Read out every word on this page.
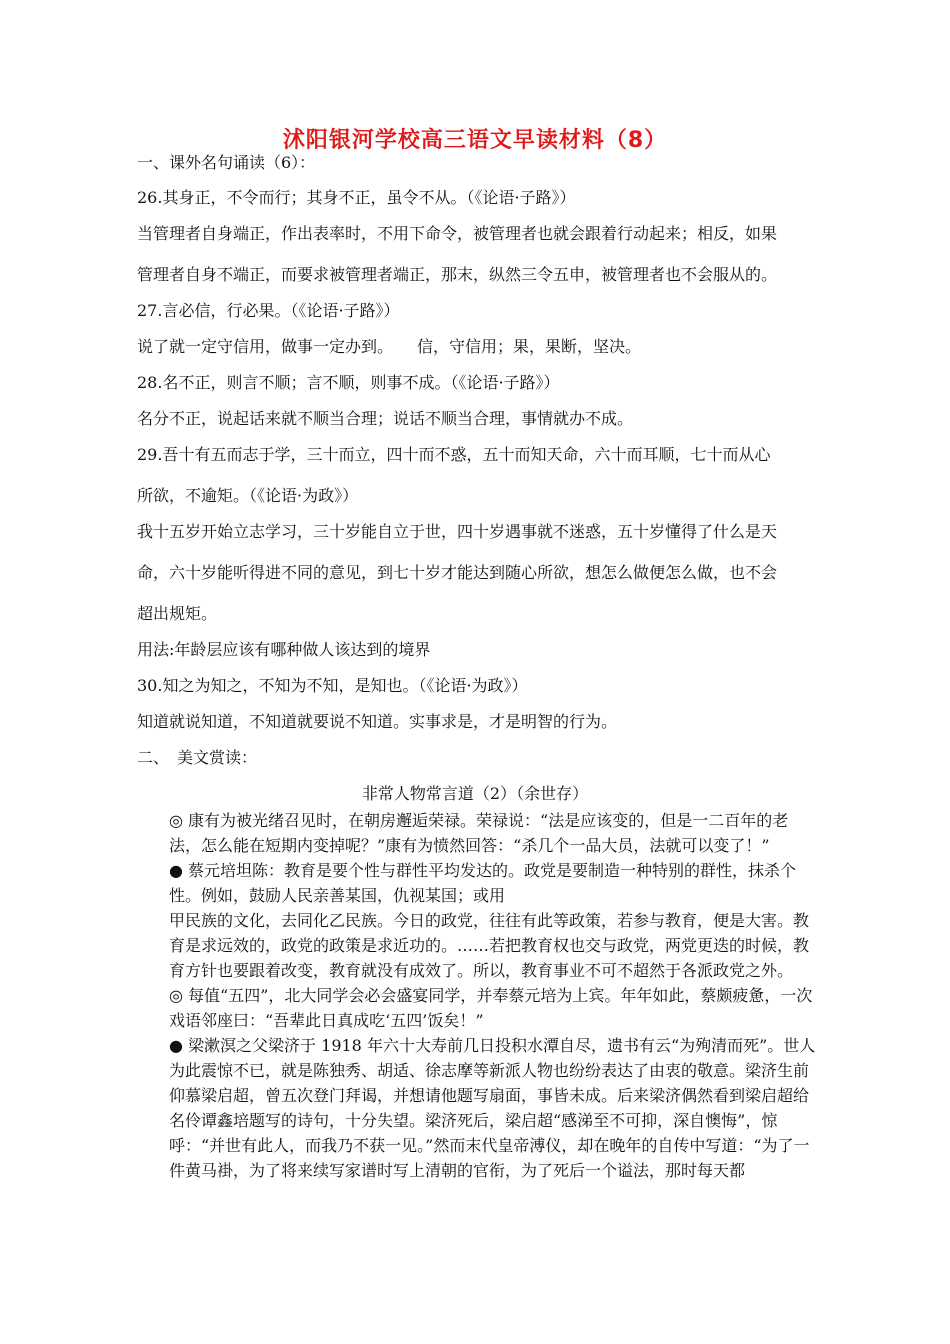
沭阳银河学校高三语文早读材料（8）
一、课外名句诵读（6）：
26.其身正，不令而行；其身不正，虽令不从。（《论语·子路》）
当管理者自身端正，作出表率时，不用下命令，被管理者也就会跟着行动起来；相反，如果
管理者自身不端正，而要求被管理者端正，那末，纵然三令五申，被管理者也不会服从的。
27.言必信，行必果。（《论语·子路》）
说了就一定守信用，做事一定办到。　　信，守信用；果，果断，坚决。
28.名不正，则言不顺；言不顺，则事不成。（《论语·子路》）
名分不正，说起话来就不顺当合理；说话不顺当合理，事情就办不成。
29.吾十有五而志于学，三十而立，四十而不惑，五十而知天命，六十而耳顺，七十而从心
所欲，不逾矩。（《论语·为政》）
我十五岁开始立志学习，三十岁能自立于世，四十岁遇事就不迷惑，五十岁懂得了什么是天
命，六十岁能听得进不同的意见，到七十岁才能达到随心所欲，想怎么做便怎么做，也不会
超出规矩。
用法:年龄层应该有哪种做人该达到的境界
30.知之为知之，不知为不知，是知也。（《论语·为政》）
知道就说知道，不知道就要说不知道。实事求是，才是明智的行为。
二、　美文赏读：
非常人物常言道（2）（余世存）

◎ 康有为被光绪召见时，在朝房邂逅荣禄。荣禄说：“法是应该变的，但是一二百年的老法，怎么能在短期内变掉呢？”康有为愤然回答：“杀几个一品大员，法就可以变了！”

● 蔡元培坦陈：教育是要个性与群性平均发达的。政党是要制造一种特别的群性，抹杀个性。例如，鼓励人民亲善某国，仇视某国；或用

甲民族的文化，去同化乙民族。今日的政党，往往有此等政策，若参与教育，便是大害。教育是求远效的，政党的政策是求近功的。……若把教育权也交与政党，两党更迭的时候，教育方针也要跟着改变，教育就没有成效了。所以，教育事业不可不超然于各派政党之外。

◎ 每值“五四”，北大同学会必会盛宴同学，并奉蔡元培为上宾。年年如此，蔡颇疲惫，一次戏语邻座曰：“吾辈此日真成吃‘五四’饭矣！”

● 梁漱溟之父梁济于 1918 年六十大寿前几日投积水潭自尽，遗书有云“为殉清而死”。世人为此震惊不已，就是陈独秀、胡适、徐志摩等新派人物也纷纷表达了由衷的敬意。梁济生前仰慕梁启超，曾五次登门拜谒，并想请他题写扇面，事皆未成。后来梁济偶然看到梁启超给名伶谭鑫培题写的诗句，十分失望。梁济死后，梁启超“感涕至不可抑，深自懊悔”，惊呼：“并世有此人，而我乃不获一见。”然而末代皇帝溥仪，却在晚年的自传中写道：“为了一件黄马褂，为了将来续写家谱时写上清朝的官衔，为了死后一个谥法，那时每天都
